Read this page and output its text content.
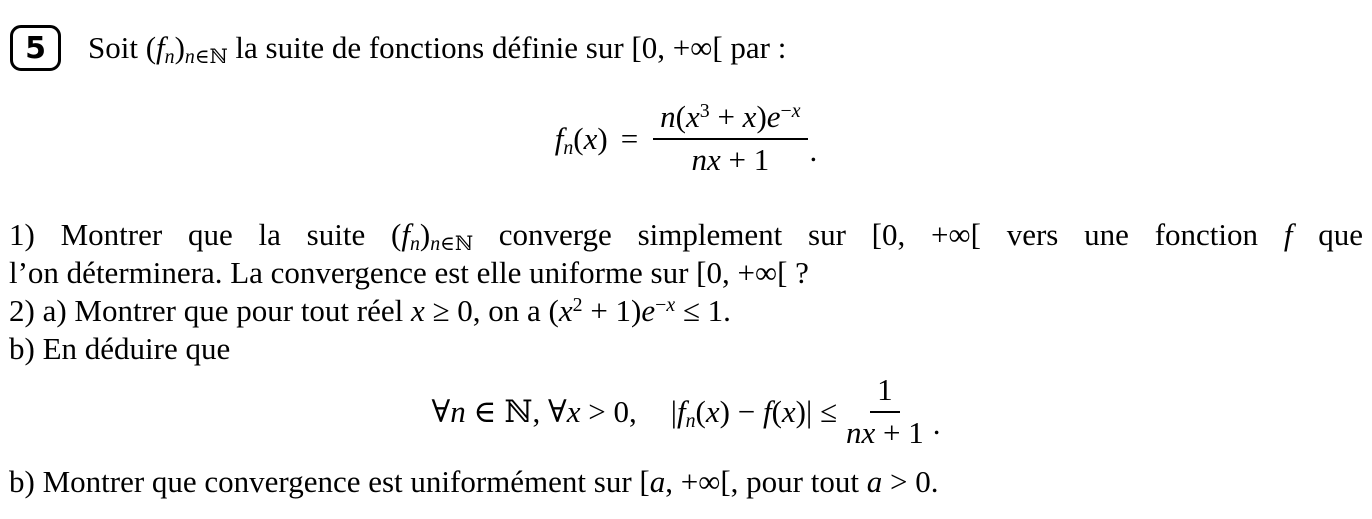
5 Soit $(f_n)_{n\in ℕ}$ la suite de fonctions définie sur [0, +∞[ par :
$f_n(x) = \frac{n(x^3 + x)e^{-x}}{nx + 1}$ .
1) Montrer que la suite $(f_n)_{n\in ℕ}$ converge simplement sur [0, +∞[ vers une fonction f que
l’on déterminera. La convergence est elle uniforme sur [0, +∞[ ?
2) a) Montrer que pour tout réel x ≥ 0, on a $(x^2 + 1)e^{-x} \le 1$.
b) En déduire que
∀n ∈ ℕ, ∀x > 0, $|f_n(x) - f(x)| \le \frac{1}{nx + 1}$ .
b) Montrer que convergence est uniformément sur [a, +∞[, pour tout a > 0.
